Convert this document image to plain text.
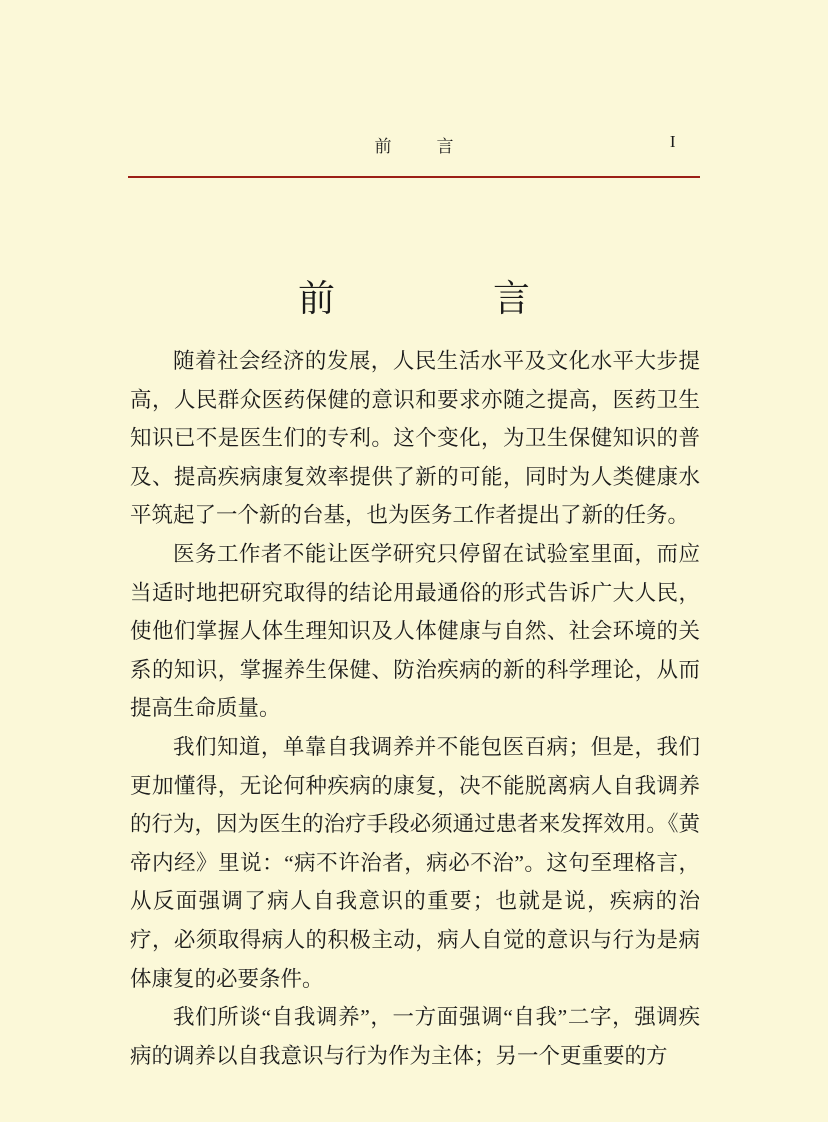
前　言	I
前　　言

随着社会经济的发展，人民生活水平及文化水平大步提高，人民群众医药保健的意识和要求亦随之提高，医药卫生知识已不是医生们的专利。这个变化，为卫生保健知识的普及、提高疾病康复效率提供了新的可能，同时为人类健康水平筑起了一个新的台基，也为医务工作者提出了新的任务。

医务工作者不能让医学研究只停留在试验室里面，而应当适时地把研究取得的结论用最通俗的形式告诉广大人民，使他们掌握人体生理知识及人体健康与自然、社会环境的关系的知识，掌握养生保健、防治疾病的新的科学理论，从而提高生命质量。

我们知道，单靠自我调养并不能包医百病；但是，我们更加懂得，无论何种疾病的康复，决不能脱离病人自我调养的行为，因为医生的治疗手段必须通过患者来发挥效用。《黄帝内经》里说：“病不许治者，病必不治”。这句至理格言，从反面强调了病人自我意识的重要；也就是说，疾病的治疗，必须取得病人的积极主动，病人自觉的意识与行为是病体康复的必要条件。

我们所谈“自我调养”，一方面强调“自我”二字，强调疾病的调养以自我意识与行为作为主体；另一个更重要的方
